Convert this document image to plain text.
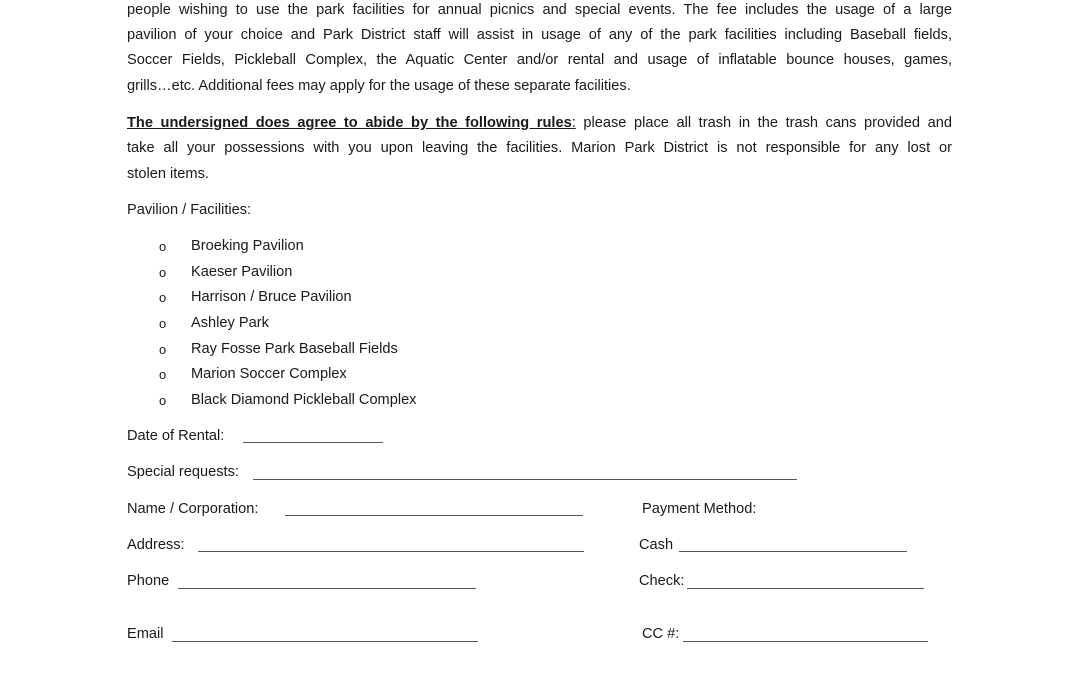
people wishing to use the park facilities for annual picnics and special events. The fee includes the usage of a large
pavilion of your choice and Park District staff will assist in usage of any of the park facilities including Baseball fields,
Soccer Fields, Pickleball Complex, the Aquatic Center and/or rental and usage of inflatable bounce houses, games,
grills…etc. Additional fees may apply for the usage of these separate facilities.
The undersigned does agree to abide by the following rules: please place all trash in the trash cans provided and
take all your possessions with you upon leaving the facilities. Marion Park District is not responsible for any lost or
stolen items.
Pavilion / Facilities:
o Broeking Pavilion
o Kaeser Pavilion
o Harrison / Bruce Pavilion
o Ashley Park
o Ray Fosse Park Baseball Fields
o Marion Soccer Complex
o Black Diamond Pickleball Complex
Date of Rental:
Special requests:
Name / Corporation:
Address:
Phone
Email
Payment Method:
Cash
Check:
CC #:
